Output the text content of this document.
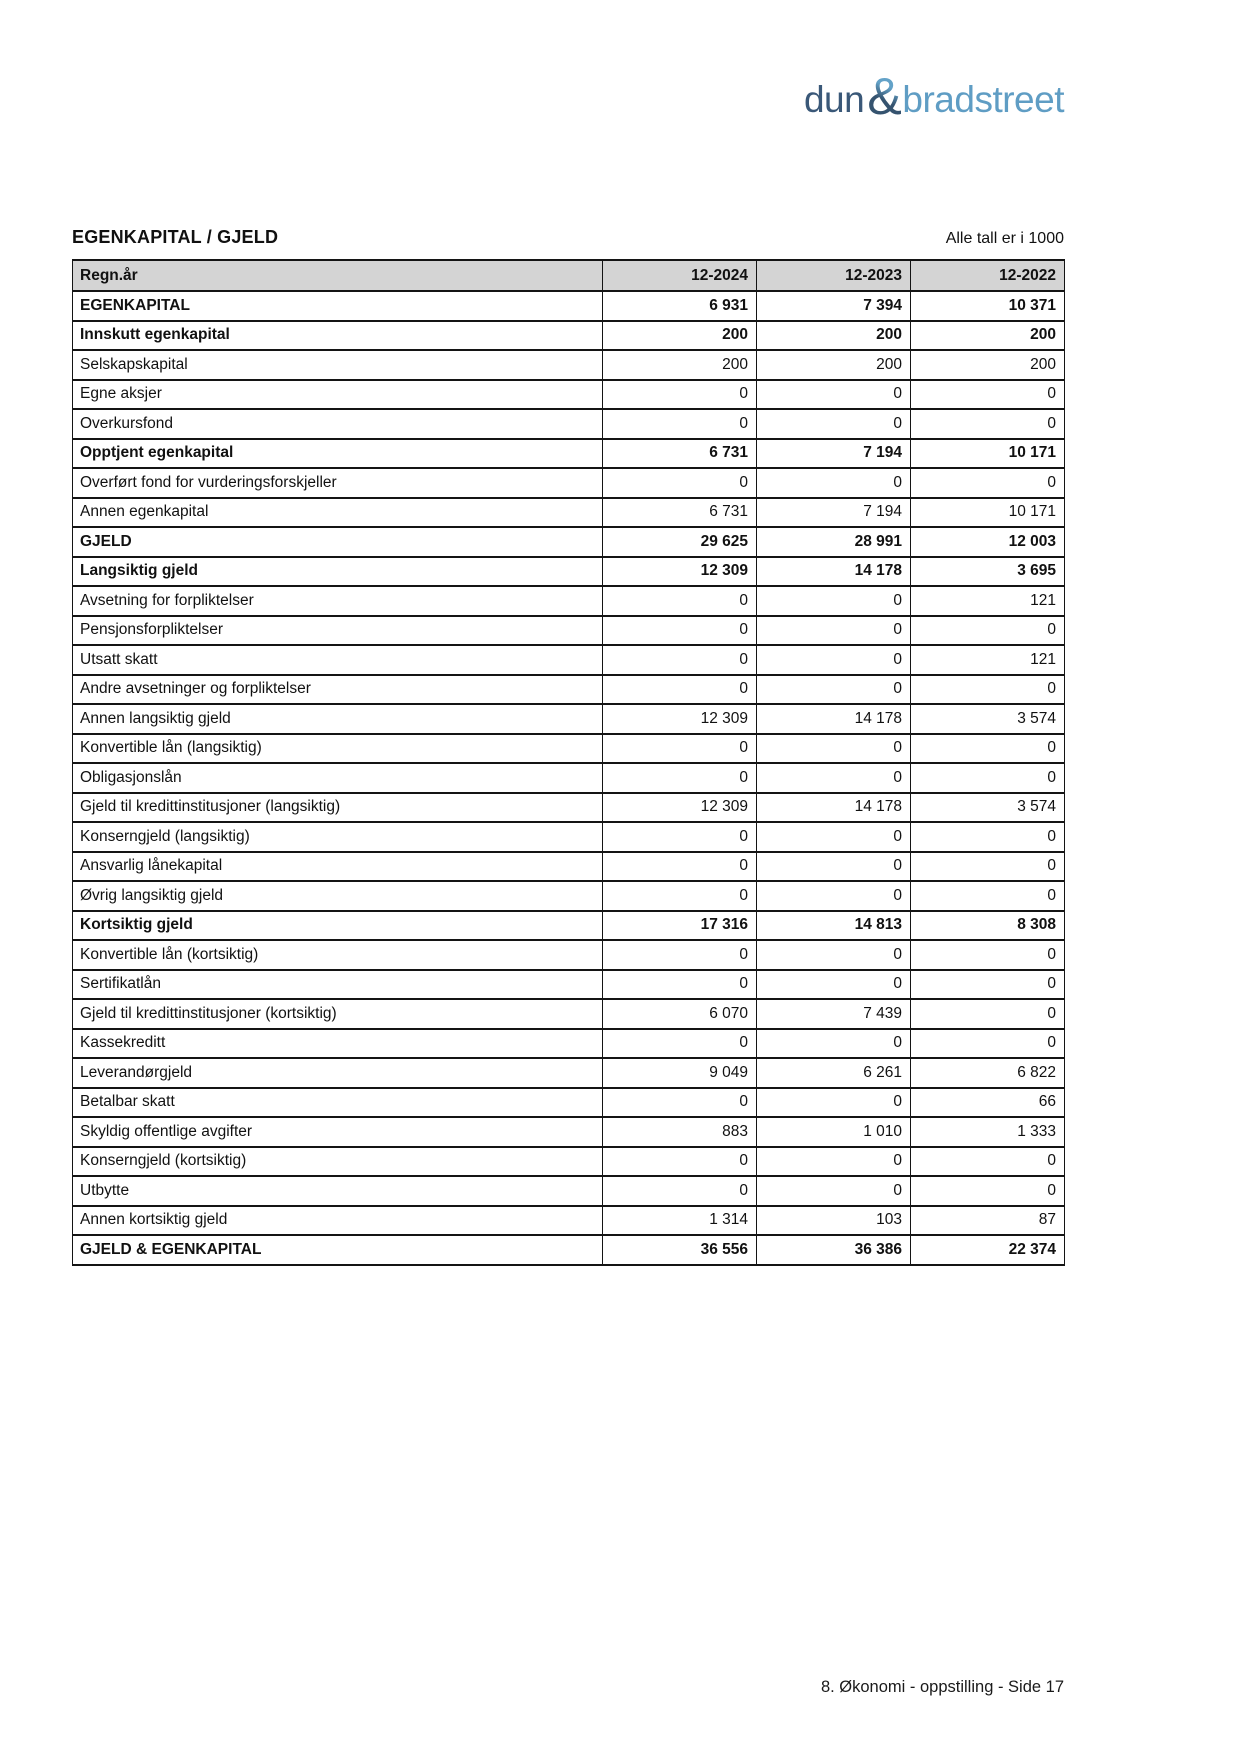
dun & bradstreet
EGENKAPITAL / GJELD	Alle tall er i 1000
Regn.år	12-2024	12-2023	12-2022
EGENKAPITAL	6 931	7 394	10 371
Innskutt egenkapital	200	200	200
Selskapskapital	200	200	200
Egne aksjer	0	0	0
Overkursfond	0	0	0
Opptjent egenkapital	6 731	7 194	10 171
Overført fond for vurderingsforskjeller	0	0	0
Annen egenkapital	6 731	7 194	10 171
GJELD	29 625	28 991	12 003
Langsiktig gjeld	12 309	14 178	3 695
Avsetning for forpliktelser	0	0	121
Pensjonsforpliktelser	0	0	0
Utsatt skatt	0	0	121
Andre avsetninger og forpliktelser	0	0	0
Annen langsiktig gjeld	12 309	14 178	3 574
Konvertible lån (langsiktig)	0	0	0
Obligasjonslån	0	0	0
Gjeld til kredittinstitusjoner (langsiktig)	12 309	14 178	3 574
Konserngjeld (langsiktig)	0	0	0
Ansvarlig lånekapital	0	0	0
Øvrig langsiktig gjeld	0	0	0
Kortsiktig gjeld	17 316	14 813	8 308
Konvertible lån (kortsiktig)	0	0	0
Sertifikatlån	0	0	0
Gjeld til kredittinstitusjoner (kortsiktig)	6 070	7 439	0
Kassekreditt	0	0	0
Leverandørgjeld	9 049	6 261	6 822
Betalbar skatt	0	0	66
Skyldig offentlige avgifter	883	1 010	1 333
Konserngjeld (kortsiktig)	0	0	0
Utbytte	0	0	0
Annen kortsiktig gjeld	1 314	103	87
GJELD & EGENKAPITAL	36 556	36 386	22 374
8. Økonomi - oppstilling - Side 17
